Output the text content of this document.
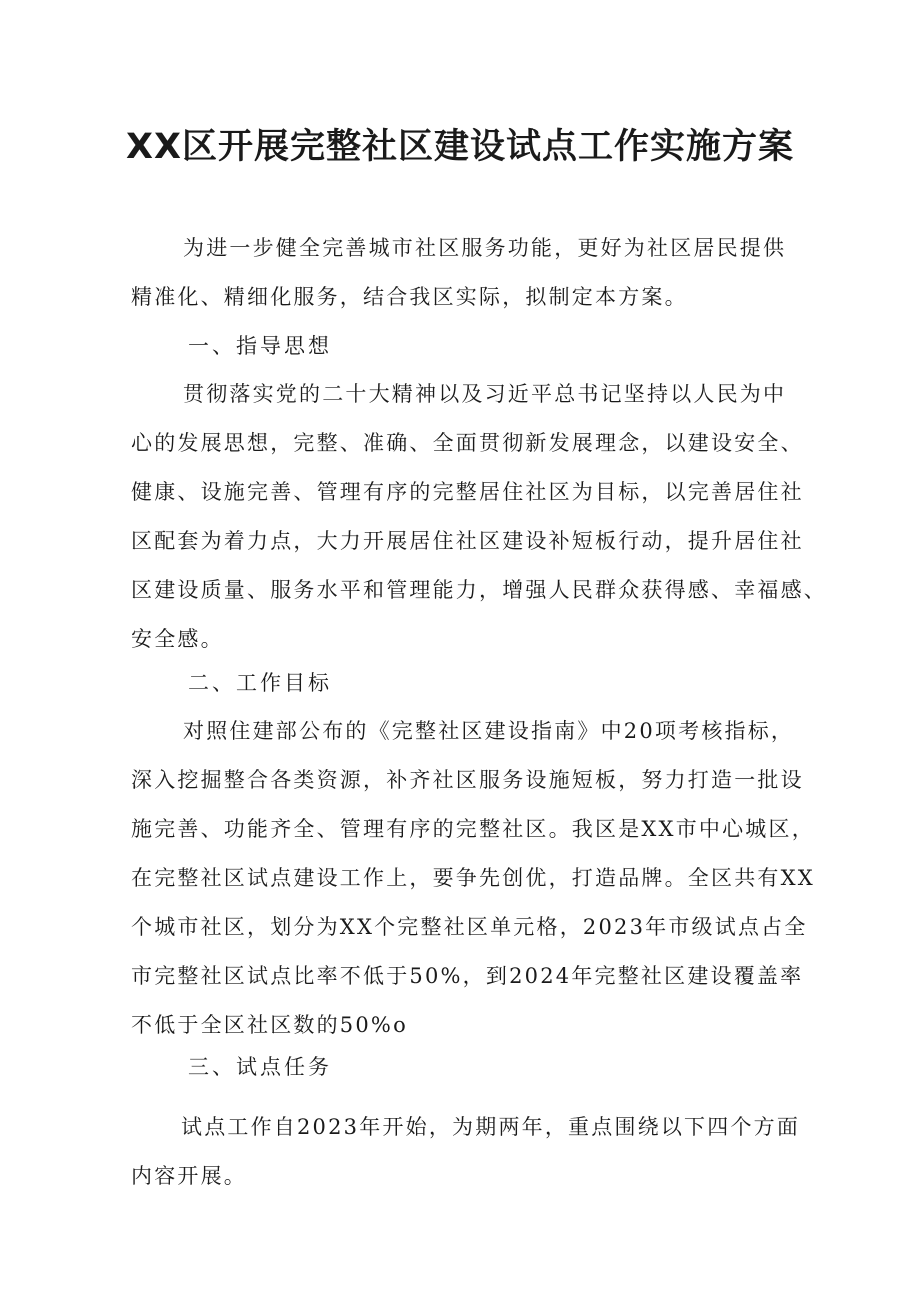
XX区开展完整社区建设试点工作实施方案
为进一步健全完善城市社区服务功能，更好为社区居民提供
精准化、精细化服务，结合我区实际，拟制定本方案。
一、指导思想
贯彻落实党的二十大精神以及习近平总书记坚持以人民为中
心的发展思想，完整、准确、全面贯彻新发展理念，以建设安全、
健康、设施完善、管理有序的完整居住社区为目标，以完善居住社
区配套为着力点，大力开展居住社区建设补短板行动，提升居住社
区建设质量、服务水平和管理能力，增强人民群众获得感、幸福感、
安全感。
二、工作目标
对照住建部公布的《完整社区建设指南》中20项考核指标，
深入挖掘整合各类资源，补齐社区服务设施短板，努力打造一批设
施完善、功能齐全、管理有序的完整社区。我区是XX市中心城区，
在完整社区试点建设工作上，要争先创优，打造品牌。全区共有XX
个城市社区，划分为XX个完整社区单元格，2023年市级试点占全
市完整社区试点比率不低于50%，到2024年完整社区建设覆盖率
不低于全区社区数的50%o
三、试点任务
试点工作自2023年开始，为期两年，重点围绕以下四个方面
内容开展。
